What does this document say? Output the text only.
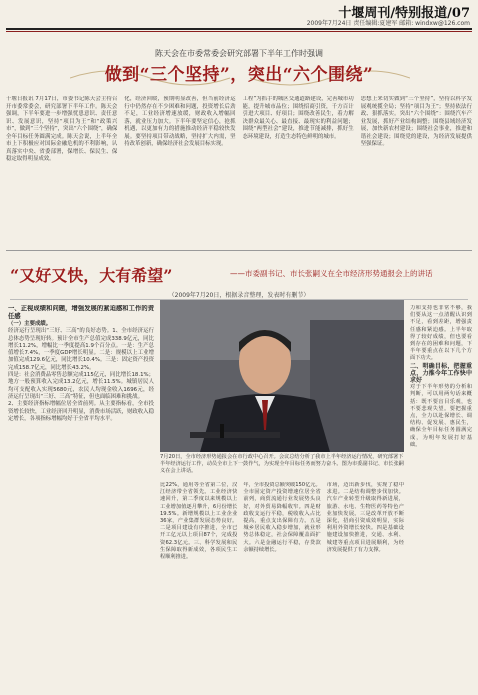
十堰周刊/特别报道/07
2009年7月24日 责任编辑:夏建军 邮箱: windxw@126.com
陈天会在市委常委会研究部署下半年工作时强调
做到“三个坚持”，突出“六个围绕”
十堰日报讯 7月17日，市委书记陈天会主持召开市委常委会，研究部署下半年工作。陈天会强调，下半年要进一步增强忧患意识、责任意识、发展意识，坚持“项目为王”和“政策兴市”，做到“三个坚持”，突出“六个围绕”，确保全年目标任务圆满完成。陈天会说，上半年全市上下积极应对国际金融危机的不利影响，认真落实中央、省委部署，保增长、保民生、保稳定取得明显成效。
化，经济回暖，预期明显改善，但当前经济运行中仍然存在不少困难和问题，投资增长后劲不足，工业经济增速放缓，财政收入增幅回落，就业压力加大。下半年要坚定信心，抢抓机遇，以更加有力的措施推动经济平稳较快发展。要坚持项目带动战略，坚持扩大内需，坚持改革创新，确保经济社会发展目标实现。
工程”为抓手的城区交通道路建设，完善城市功能，提升城市品位；围绕招商引资，千方百计引进大项目、好项目；围绕改善民生，着力解决群众最关心、最直接、最现实的利益问题；围绕“两型社会”建设，推进节能减排，抓好生态环境建设，打造生态特色鲜明的城市。
思想上来切实做到“三个坚持”，坚持以科学发展观统揽全局；坚持“项目为王”；坚持依法行政、狠抓落实。突出“六个围绕”：围绕汽车产业发展，抓好产业结构调整；围绕县域经济发展，加快新农村建设；围绕社会事业，推进和谐社会建设；围绕党的建设，为经济发展提供坚强保证。
“又好又快，大有希望”	——市委副书记、市长张嗣义在全市经济形势通报会上的讲话
（2009年7月20日，根据录音整理，发表时有删节）
一、正视成绩和问题，增强发展的紧迫感和工作的责任感
（一）主要成绩。
经济运行呈现出“三好、三高”的良好态势。1、全市经济运行总体态势呈现好转。预计全市生产总值完成338.9亿元，同比增长11.2%，增幅比一季度提高1.9个百分点。一是：生产总值增长7.4%，一季度GDP增长明显。二是：规模以上工业增加值完成129.6亿元，同比增长10.4%。三是：固定资产投资完成158.7亿元，同比增长43.2%。
四是：社会消费品零售总额完成115亿元，同比增长18.1%；地方一般预算收入完成13.2亿元，增长11.5%。城镇居民人均可支配收入实现5680元，农民人均现金收入1696元，经济运行呈现出“三好、三高”特征，但也面临困难和挑战。
2、主要经济指标增幅位居全省前列。从主要指标看，全市投资增长较快，工业经济回升明显，消费市场活跃，财政收入稳定增长，各项指标增幅均好于全省平均水平。
7月20日，全市经济形势通报会在市行政中心召开。会议总结分析了我市上半年经济运行情况，研究部署下半年经济运行工作，动员全市上下一鼓作气，为实现全年目标任务而努力奋斗。图为市委副书记、市长张嗣义在会上讲话。
比22%，通用等全省第二位，汉江经济带全省领先。工业经济快速回升，第二季度以来规模以上工业增加值逐月攀升，6月份增长19.5%。新增规模以上工业企业36家，产业集群发展态势良好。二是项目建设有序推进，全市已开工亿元以上项目87个，完成投资62.3亿元。三、科学发展和民生保障取得新成效，各项民生工程顺利推进。
年，全市投资总额突破150亿元。全市固定资产投资增速位居全省前列，商贸流通行业发展势头良好，对外贸易降幅收窄。四是财政收支运行平稳，税收收入占比提高，重点支出保障有力。五是城乡居民收入稳步增加，就业形势总体稳定，社会保障覆盖面扩大。六是金融运行平稳，存贷款余额持续增长。
市场，迈出新步伐，实现了稳中求进。二是结构调整步伐加快。汽车产业转型升级取得新进展，旅游、水电、生物医药等特色产业加快发展。三是改革开放不断深化，招商引资成效明显，实际利用外资增长较快。四是基础设施建设加快推进，交通、水利、城建等重点项目进展顺利，为经济发展提供了有力支撑。
力和支持也非常不够，我们要从这一点清醒认识到不足，看到差距，增强责任感和紧迫感。上半年取得了较好成绩，但也要看到存在的困难和问题，下半年要重点在以下几个方面下功夫。
二、明确目标，把握重点，力推今年工作快中求好
对于下半年形势的分析和判断，可以用两句话来概括：既不要盲目乐观，也不要悲观失望。要把握重点，全力以赴保增长、调结构、促发展、惠民生，确保全年目标任务圆满完成，为明年发展打好基础。
